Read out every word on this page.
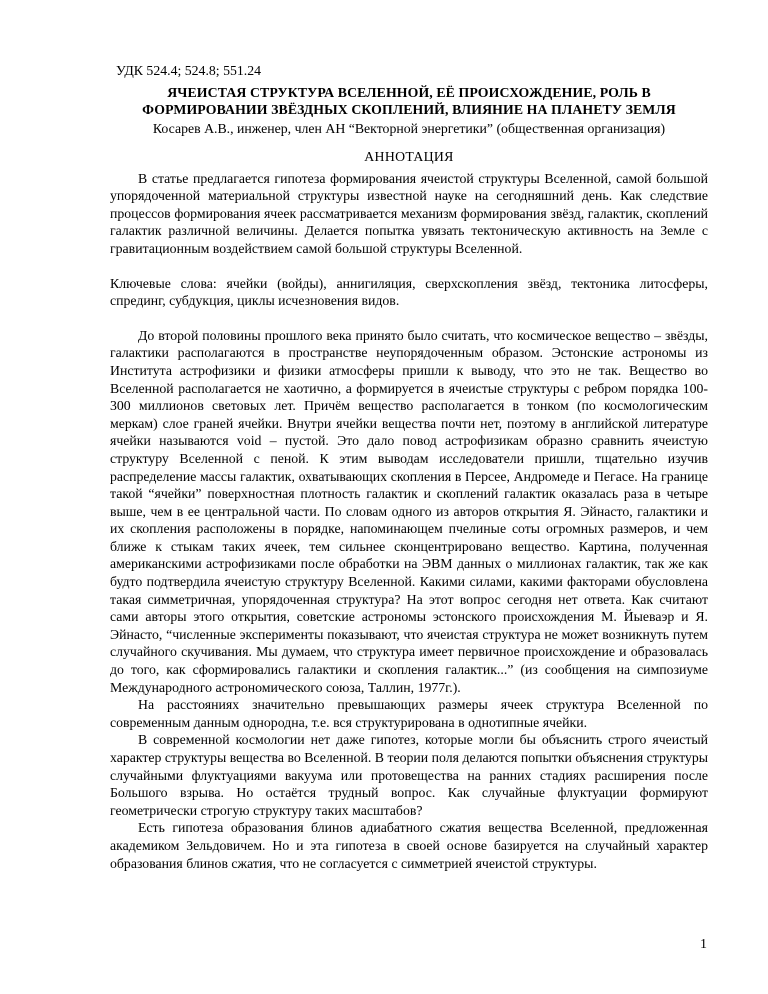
УДК 524.4; 524.8; 551.24
ЯЧЕИСТАЯ СТРУКТУРА ВСЕЛЕННОЙ, ЕЁ ПРОИСХОЖДЕНИЕ, РОЛЬ В ФОРМИРОВАНИИ ЗВЁЗДНЫХ СКОПЛЕНИЙ, ВЛИЯНИЕ НА ПЛАНЕТУ ЗЕМЛЯ
Косарев А.В., инженер, член АН “Векторной энергетики” (общественная организация)
АННОТАЦИЯ

В статье предлагается гипотеза формирования ячеистой структуры Вселенной, самой большой упорядоченной материальной структуры известной науке на сегодняшний день. Как следствие процессов формирования ячеек рассматривается механизм формирования звёзд, галактик, скоплений галактик различной величины. Делается попытка увязать тектоническую активность на Земле с гравитационным воздействием самой большой структуры Вселенной.

Ключевые слова: ячейки (войды), аннигиляция, сверхскопления звёзд, тектоника литосферы, спрединг, субдукция, циклы исчезновения видов.

До второй половины прошлого века принято было считать, что космическое вещество – звёзды, галактики располагаются в пространстве неупорядоченным образом. Эстонские астрономы из Института астрофизики и физики атмосферы пришли к выводу, что это не так. Вещество во Вселенной располагается не хаотично, а формируется в ячеистые структуры с ребром порядка 100-300 миллионов световых лет. Причём вещество располагается в тонком (по космологическим меркам) слое граней ячейки. Внутри ячейки вещества почти нет, поэтому в английской литературе ячейки называются void – пустой. Это дало повод астрофизикам образно сравнить ячеистую структуру Вселенной с пеной. К этим выводам исследователи пришли, тщательно изучив распределение массы галактик, охватывающих скопления в Персее, Андромеде и Пегасе. На границе такой “ячейки” поверхностная плотность галактик и скоплений галактик оказалась раза в четыре выше, чем в ее центральной части. По словам одного из авторов открытия Я. Эйнасто, галактики и их скопления расположены в порядке, напоминающем пчелиные соты огромных размеров, и чем ближе к стыкам таких ячеек, тем сильнее сконцентрировано вещество. Картина, полученная американскими астрофизиками после обработки на ЭВМ данных о миллионах галактик, так же как будто подтвердила ячеистую структуру Вселенной. Какими силами, какими факторами обусловлена такая симметричная, упорядоченная структура? На этот вопрос сегодня нет ответа. Как считают сами авторы этого открытия, советские астрономы эстонского происхождения М. Йыеваэр и Я. Эйнасто, “численные эксперименты показывают, что ячеистая структура не может возникнуть путем случайного скучивания. Мы думаем, что структура имеет первичное происхождение и образовалась до того, как сформировались галактики и скопления галактик...” (из сообщения на симпозиуме Международного астрономического союза, Таллин, 1977г.).

На расстояниях значительно превышающих размеры ячеек структура Вселенной по современным данным однородна, т.е. вся структурирована в однотипные ячейки.

В современной космологии нет даже гипотез, которые могли бы объяснить строго ячеистый характер структуры вещества во Вселенной. В теории поля делаются попытки объяснения структуры случайными флуктуациями вакуума или протовещества на ранних стадиях расширения после Большого взрыва. Но остаётся трудный вопрос. Как случайные флуктуации формируют геометрически строгую структуру таких масштабов?

Есть гипотеза образования блинов адиабатного сжатия вещества Вселенной, предложенная академиком Зельдовичем. Но и эта гипотеза в своей основе базируется на случайный характер образования блинов сжатия, что не согласуется с симметрией ячеистой структуры.

1
